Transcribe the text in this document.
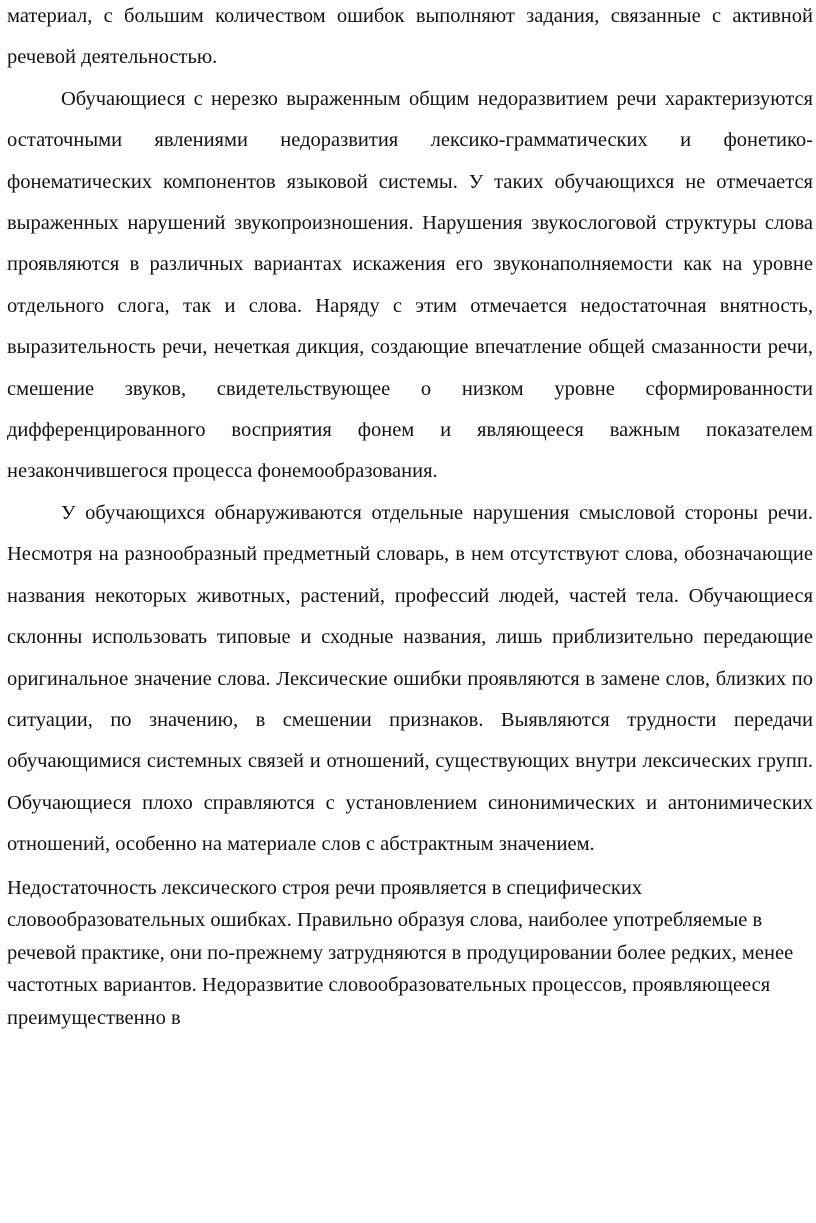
материал, с большим количеством ошибок выполняют задания, связанные с активной речевой деятельностью.

Обучающиеся с нерезко выраженным общим недоразвитием речи характеризуются остаточными явлениями недоразвития лексико-грамматических и фонетико-фонематических компонентов языковой системы. У таких обучающихся не отмечается выраженных нарушений звукопроизношения. Нарушения звукослоговой структуры слова проявляются в различных вариантах искажения его звуконаполняемости как на уровне отдельного слога, так и слова. Наряду с этим отмечается недостаточная внятность, выразительность речи, нечеткая дикция, создающие впечатление общей смазанности речи, смешение звуков, свидетельствующее о низком уровне сформированности дифференцированного восприятия фонем и являющееся важным показателем незакончившегося процесса фонемообразования.

У обучающихся обнаруживаются отдельные нарушения смысловой стороны речи. Несмотря на разнообразный предметный словарь, в нем отсутствуют слова, обозначающие названия некоторых животных, растений, профессий людей, частей тела. Обучающиеся склонны использовать типовые и сходные названия, лишь приблизительно передающие оригинальное значение слова. Лексические ошибки проявляются в замене слов, близких по ситуации, по значению, в смешении признаков. Выявляются трудности передачи обучающимися системных связей и отношений, существующих внутри лексических групп. Обучающиеся плохо справляются с установлением синонимических и антонимических отношений, особенно на материале слов с абстрактным значением.

Недостаточность лексического строя речи проявляется в специфических словообразовательных ошибках. Правильно образуя слова, наиболее употребляемые в речевой практике, они по-прежнему затрудняются в продуцировании более редких, менее частотных вариантов. Недоразвитие словообразовательных процессов, проявляющееся преимущественно в
